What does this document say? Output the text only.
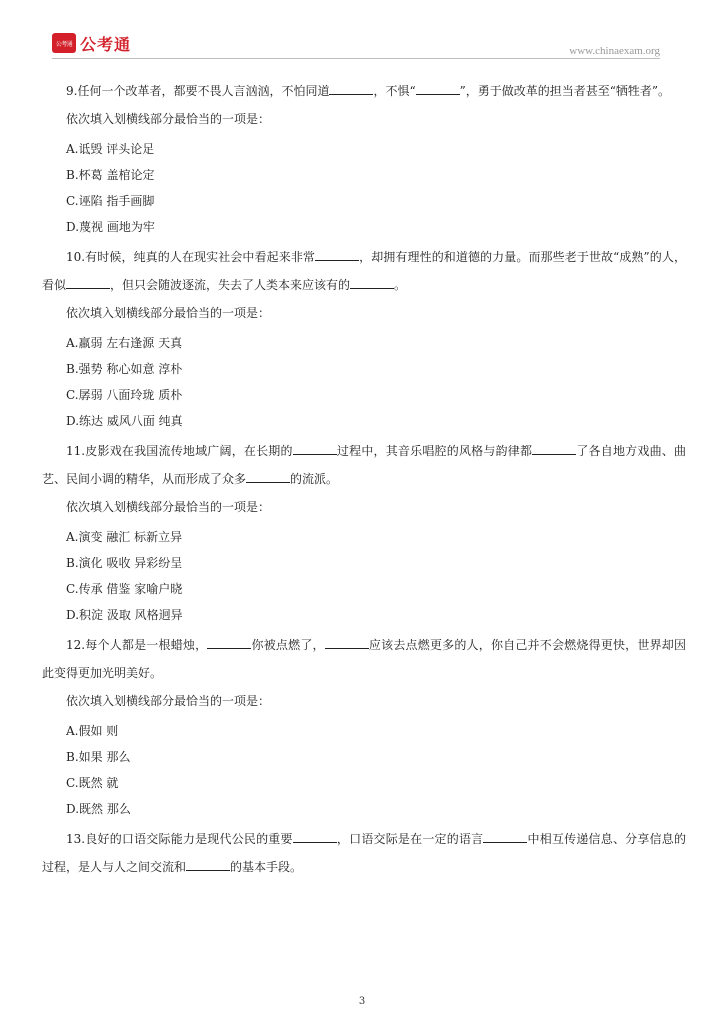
公考通 公考通	www.chinaexam.org

9.任何一个改革者，都要不畏人言汹汹，不怕同道	，不惧“	”，勇于做改革的担当者甚至“牺牲者”。

依次填入划横线部分最恰当的一项是：

A.诋毁 评头论足
B.杯葛 盖棺论定
C.诬陷 指手画脚
D.蔑视 画地为牢

10.有时候，纯真的人在现实社会中看起来非常	，却拥有理性的和道德的力量。而那些老于世故“成熟”的人，看似	，但只会随波逐流，失去了人类本来应该有的	。

依次填入划横线部分最恰当的一项是：

A.羸弱 左右逢源 天真
B.强势 称心如意 淳朴
C.孱弱 八面玲珑 质朴
D.练达 威风八面 纯真

11.皮影戏在我国流传地域广阔，在长期的	过程中，其音乐唱腔的风格与韵律都	了各自地方戏曲、曲艺、民间小调的精华，从而形成了众多	的流派。

依次填入划横线部分最恰当的一项是：

A.演变 融汇 标新立异
B.演化 吸收 异彩纷呈
C.传承 借鉴 家喻户晓
D.积淀 汲取 风格迥异

12.每个人都是一根蜡烛，	你被点燃了，	应该去点燃更多的人，你自己并不会燃烧得更快，世界却因此变得更加光明美好。

依次填入划横线部分最恰当的一项是：

A.假如 则
B.如果 那么
C.既然 就
D.既然 那么

13.良好的口语交际能力是现代公民的重要	，口语交际是在一定的语言	中相互传递信息、分享信息的过程，是人与人之间交流和	的基本手段。

3
